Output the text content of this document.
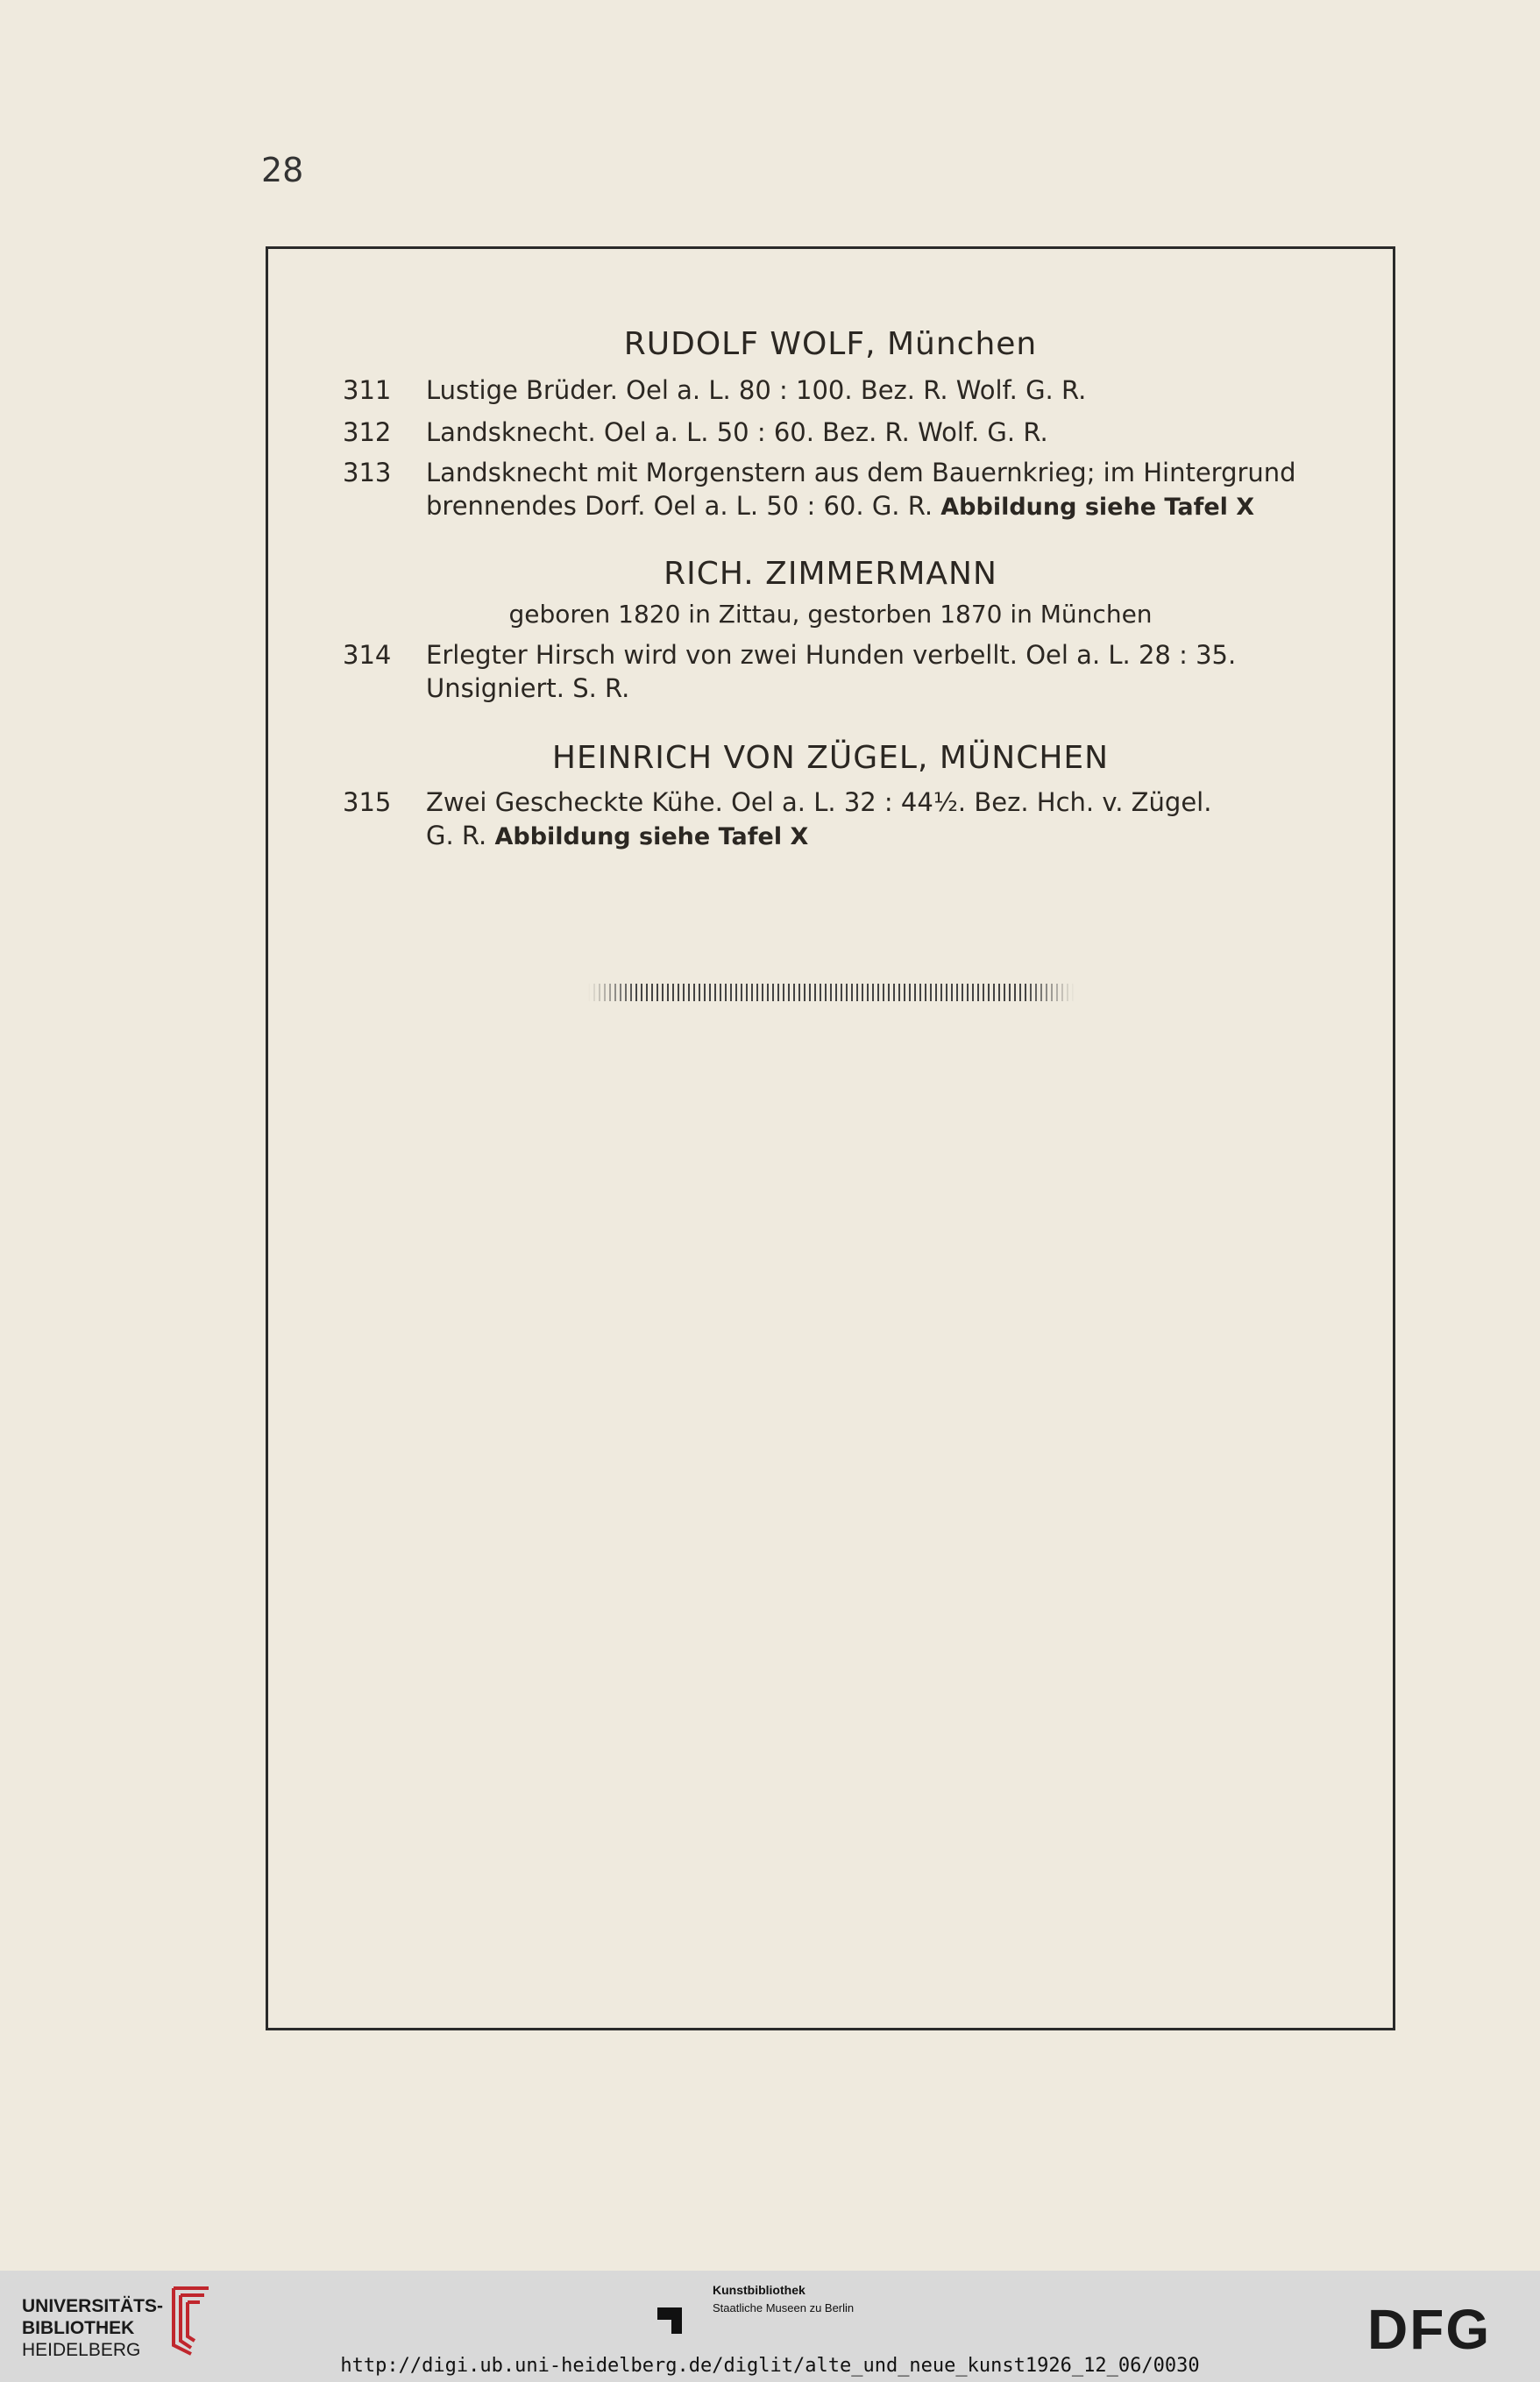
28
RUDOLF WOLF, München
311 Lustige Brüder. Oel a. L. 80 : 100. Bez. R. Wolf. G. R.
312 Landsknecht. Oel a. L. 50 : 60. Bez. R. Wolf. G. R.
313 Landsknecht mit Morgenstern aus dem Bauernkrieg; im Hintergrund
brennendes Dorf. Oel a. L. 50 : 60. G. R. Abbildung siehe Tafel X
RICH. ZIMMERMANN
geboren 1820 in Zittau, gestorben 1870 in München
314 Erlegter Hirsch wird von zwei Hunden verbellt. Oel a. L. 28 : 35.
Unsigniert. S. R.
HEINRICH VON ZÜGEL, MÜNCHEN
315 Zwei Gescheckte Kühe. Oel a. L. 32 : 44½. Bez. Hch. v. Zügel.
G. R. Abbildung siehe Tafel X
UNIVERSITÄTS-
BIBLIOTHEK
HEIDELBERG
Kunstbibliothek
Staatliche Museen zu Berlin	DFG
http://digi.ub.uni-heidelberg.de/diglit/alte_und_neue_kunst1926_12_06/0030
